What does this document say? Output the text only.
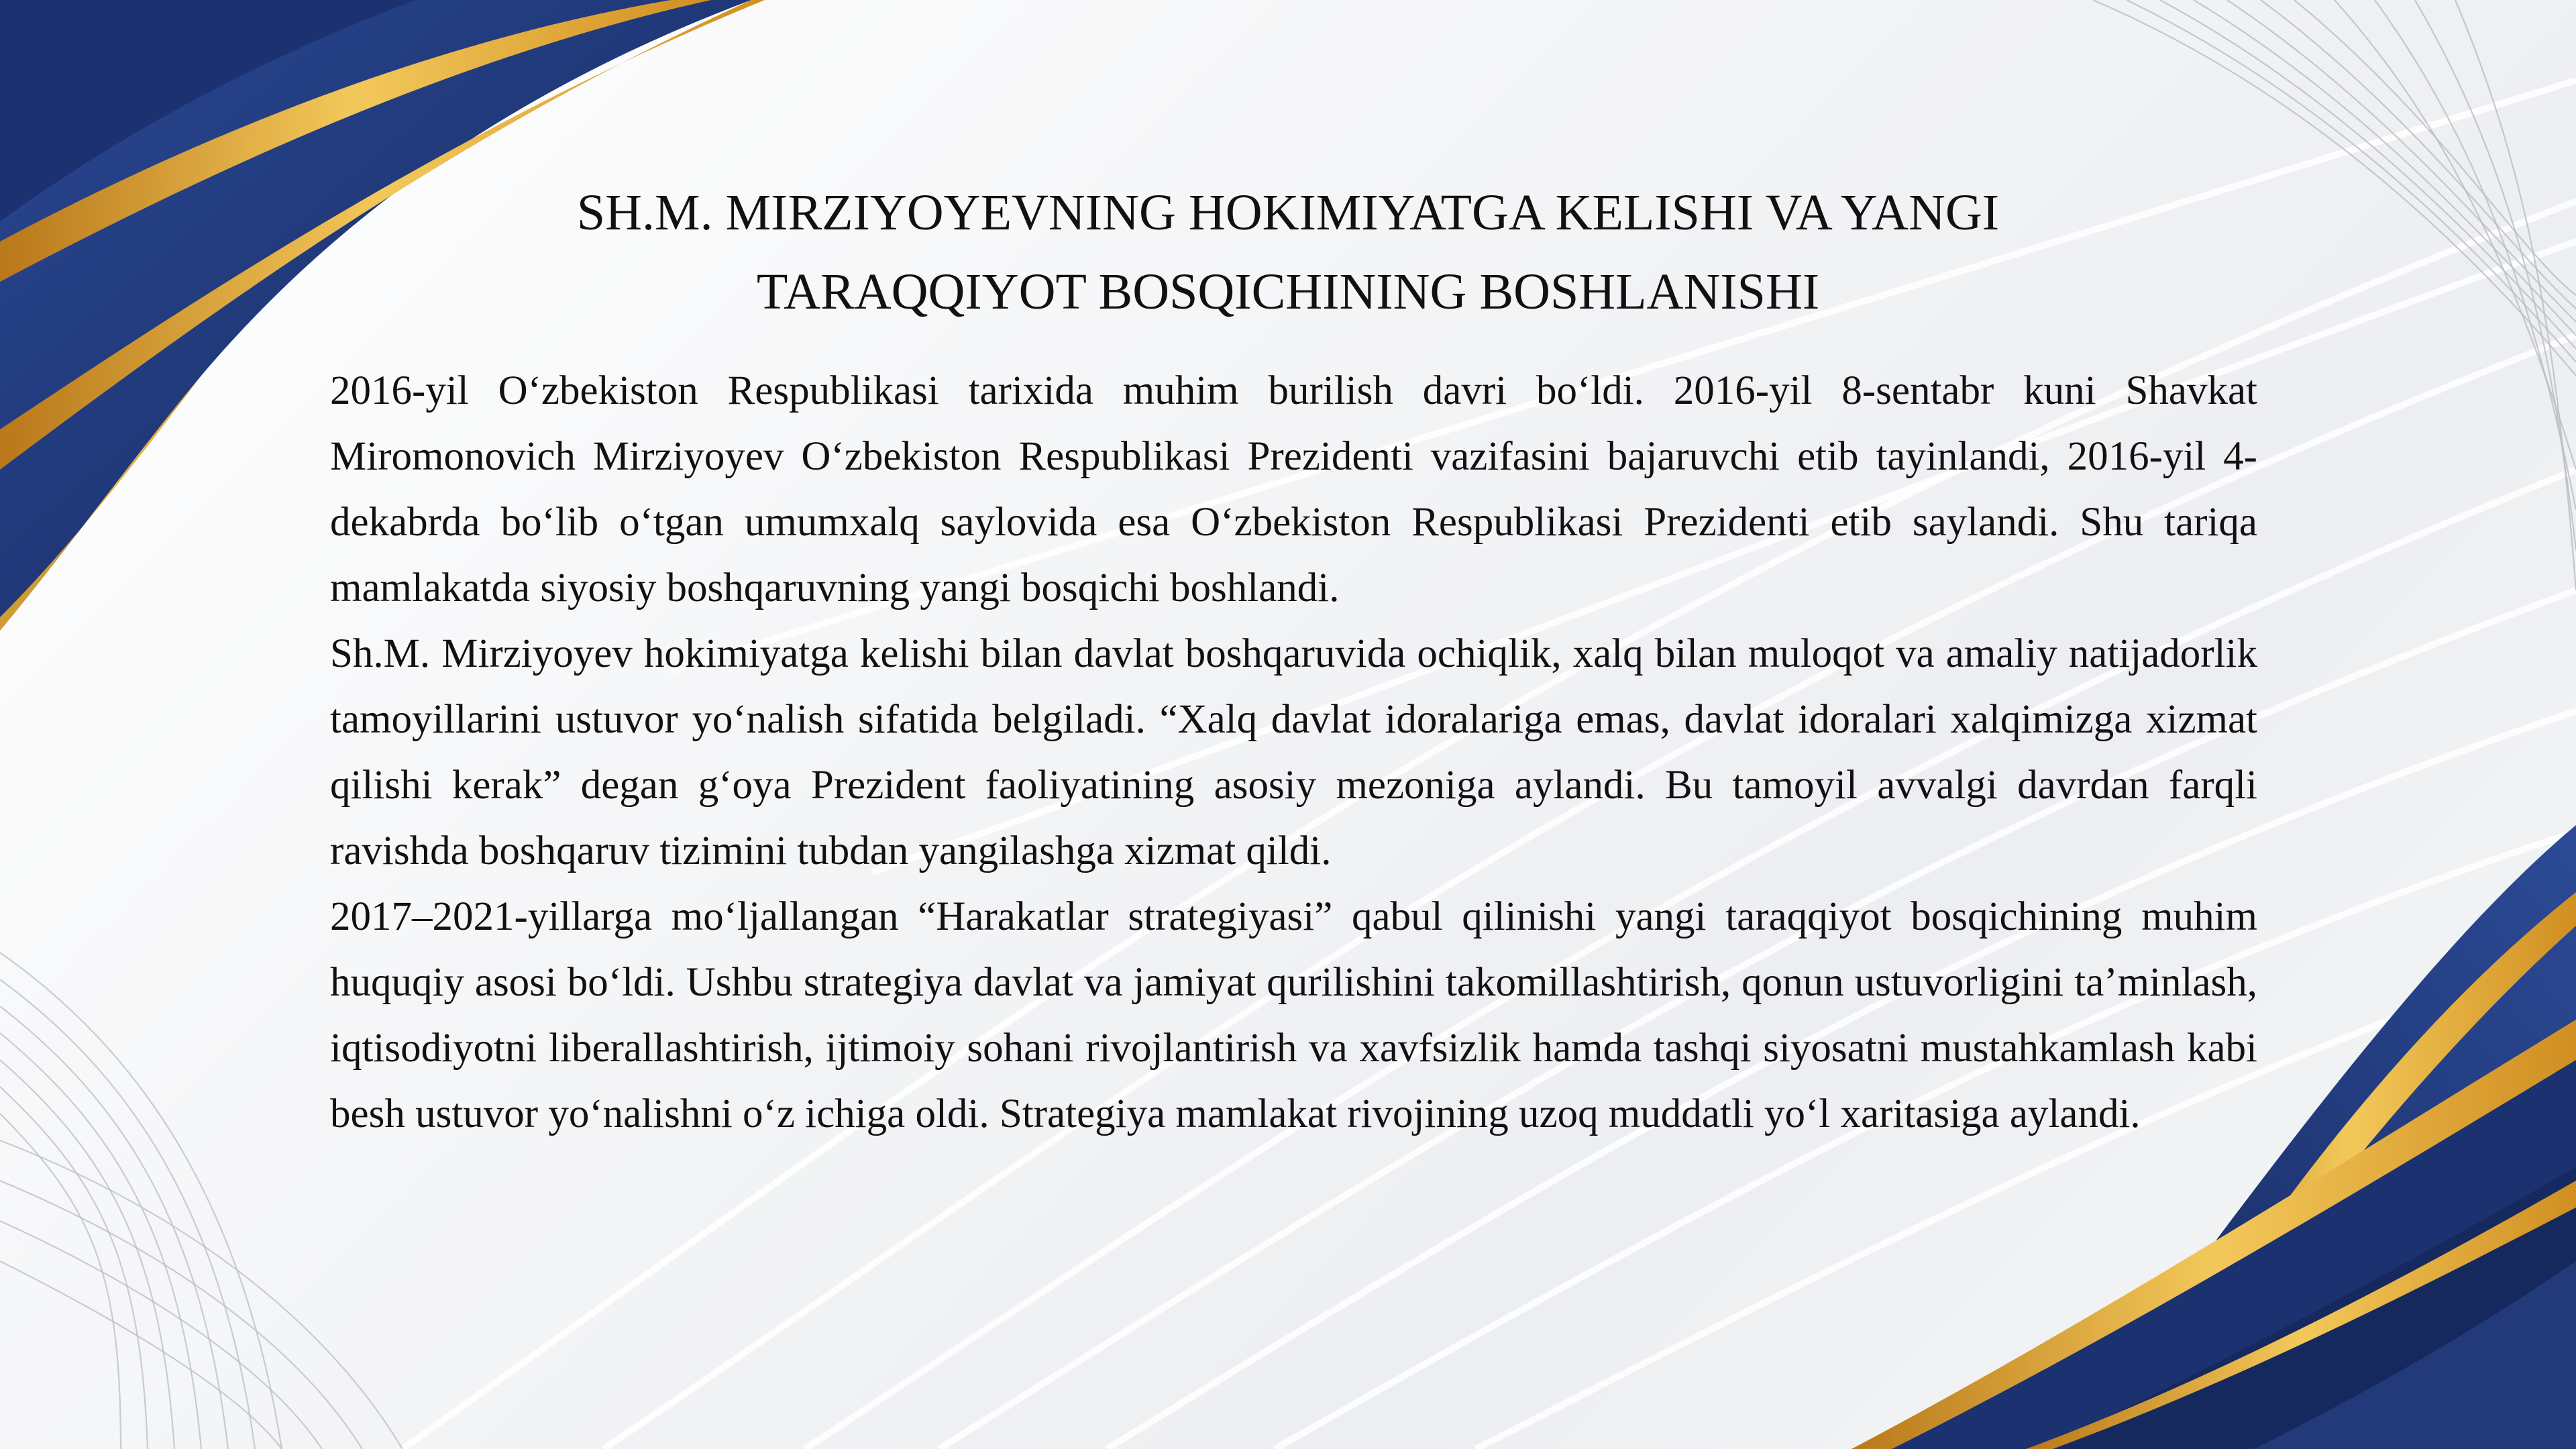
SH.M. MIRZIYOYEVNING HOKIMIYATGA KELISHI VA YANGI
TARAQQIYOT BOSQICHINING BOSHLANISHI

2016-yil O‘zbekiston Respublikasi tarixida muhim burilish davri bo‘ldi. 2016-yil 8-sentabr kuni Shavkat Miromonovich Mirziyoyev O‘zbekiston Respublikasi Prezidenti vazifasini bajaruvchi etib tayinlandi, 2016-yil 4-dekabrda bo‘lib o‘tgan umumxalq saylovida esa O‘zbekiston Respublikasi Prezidenti etib saylandi. Shu tariqa mamlakatda siyosiy boshqaruvning yangi bosqichi boshlandi.

Sh.M. Mirziyoyev hokimiyatga kelishi bilan davlat boshqaruvida ochiqlik, xalq bilan muloqot va amaliy natijadorlik tamoyillarini ustuvor yo‘nalish sifatida belgiladi. “Xalq davlat idoralariga emas, davlat idoralari xalqimizga xizmat qilishi kerak” degan g‘oya Prezident faoliyatining asosiy mezoniga aylandi. Bu tamoyil avvalgi davrdan farqli ravishda boshqaruv tizimini tubdan yangilashga xizmat qildi.

2017–2021-yillarga mo‘ljallangan “Harakatlar strategiyasi” qabul qilinishi yangi taraqqiyot bosqichining muhim huquqiy asosi bo‘ldi. Ushbu strategiya davlat va jamiyat qurilishini takomillashtirish, qonun ustuvorligini ta’minlash, iqtisodiyotni liberallashtirish, ijtimoiy sohani rivojlantirish va xavfsizlik hamda tashqi siyosatni mustahkamlash kabi besh ustuvor yo‘nalishni o‘z ichiga oldi. Strategiya mamlakat rivojining uzoq muddatli yo‘l xaritasiga aylandi.
